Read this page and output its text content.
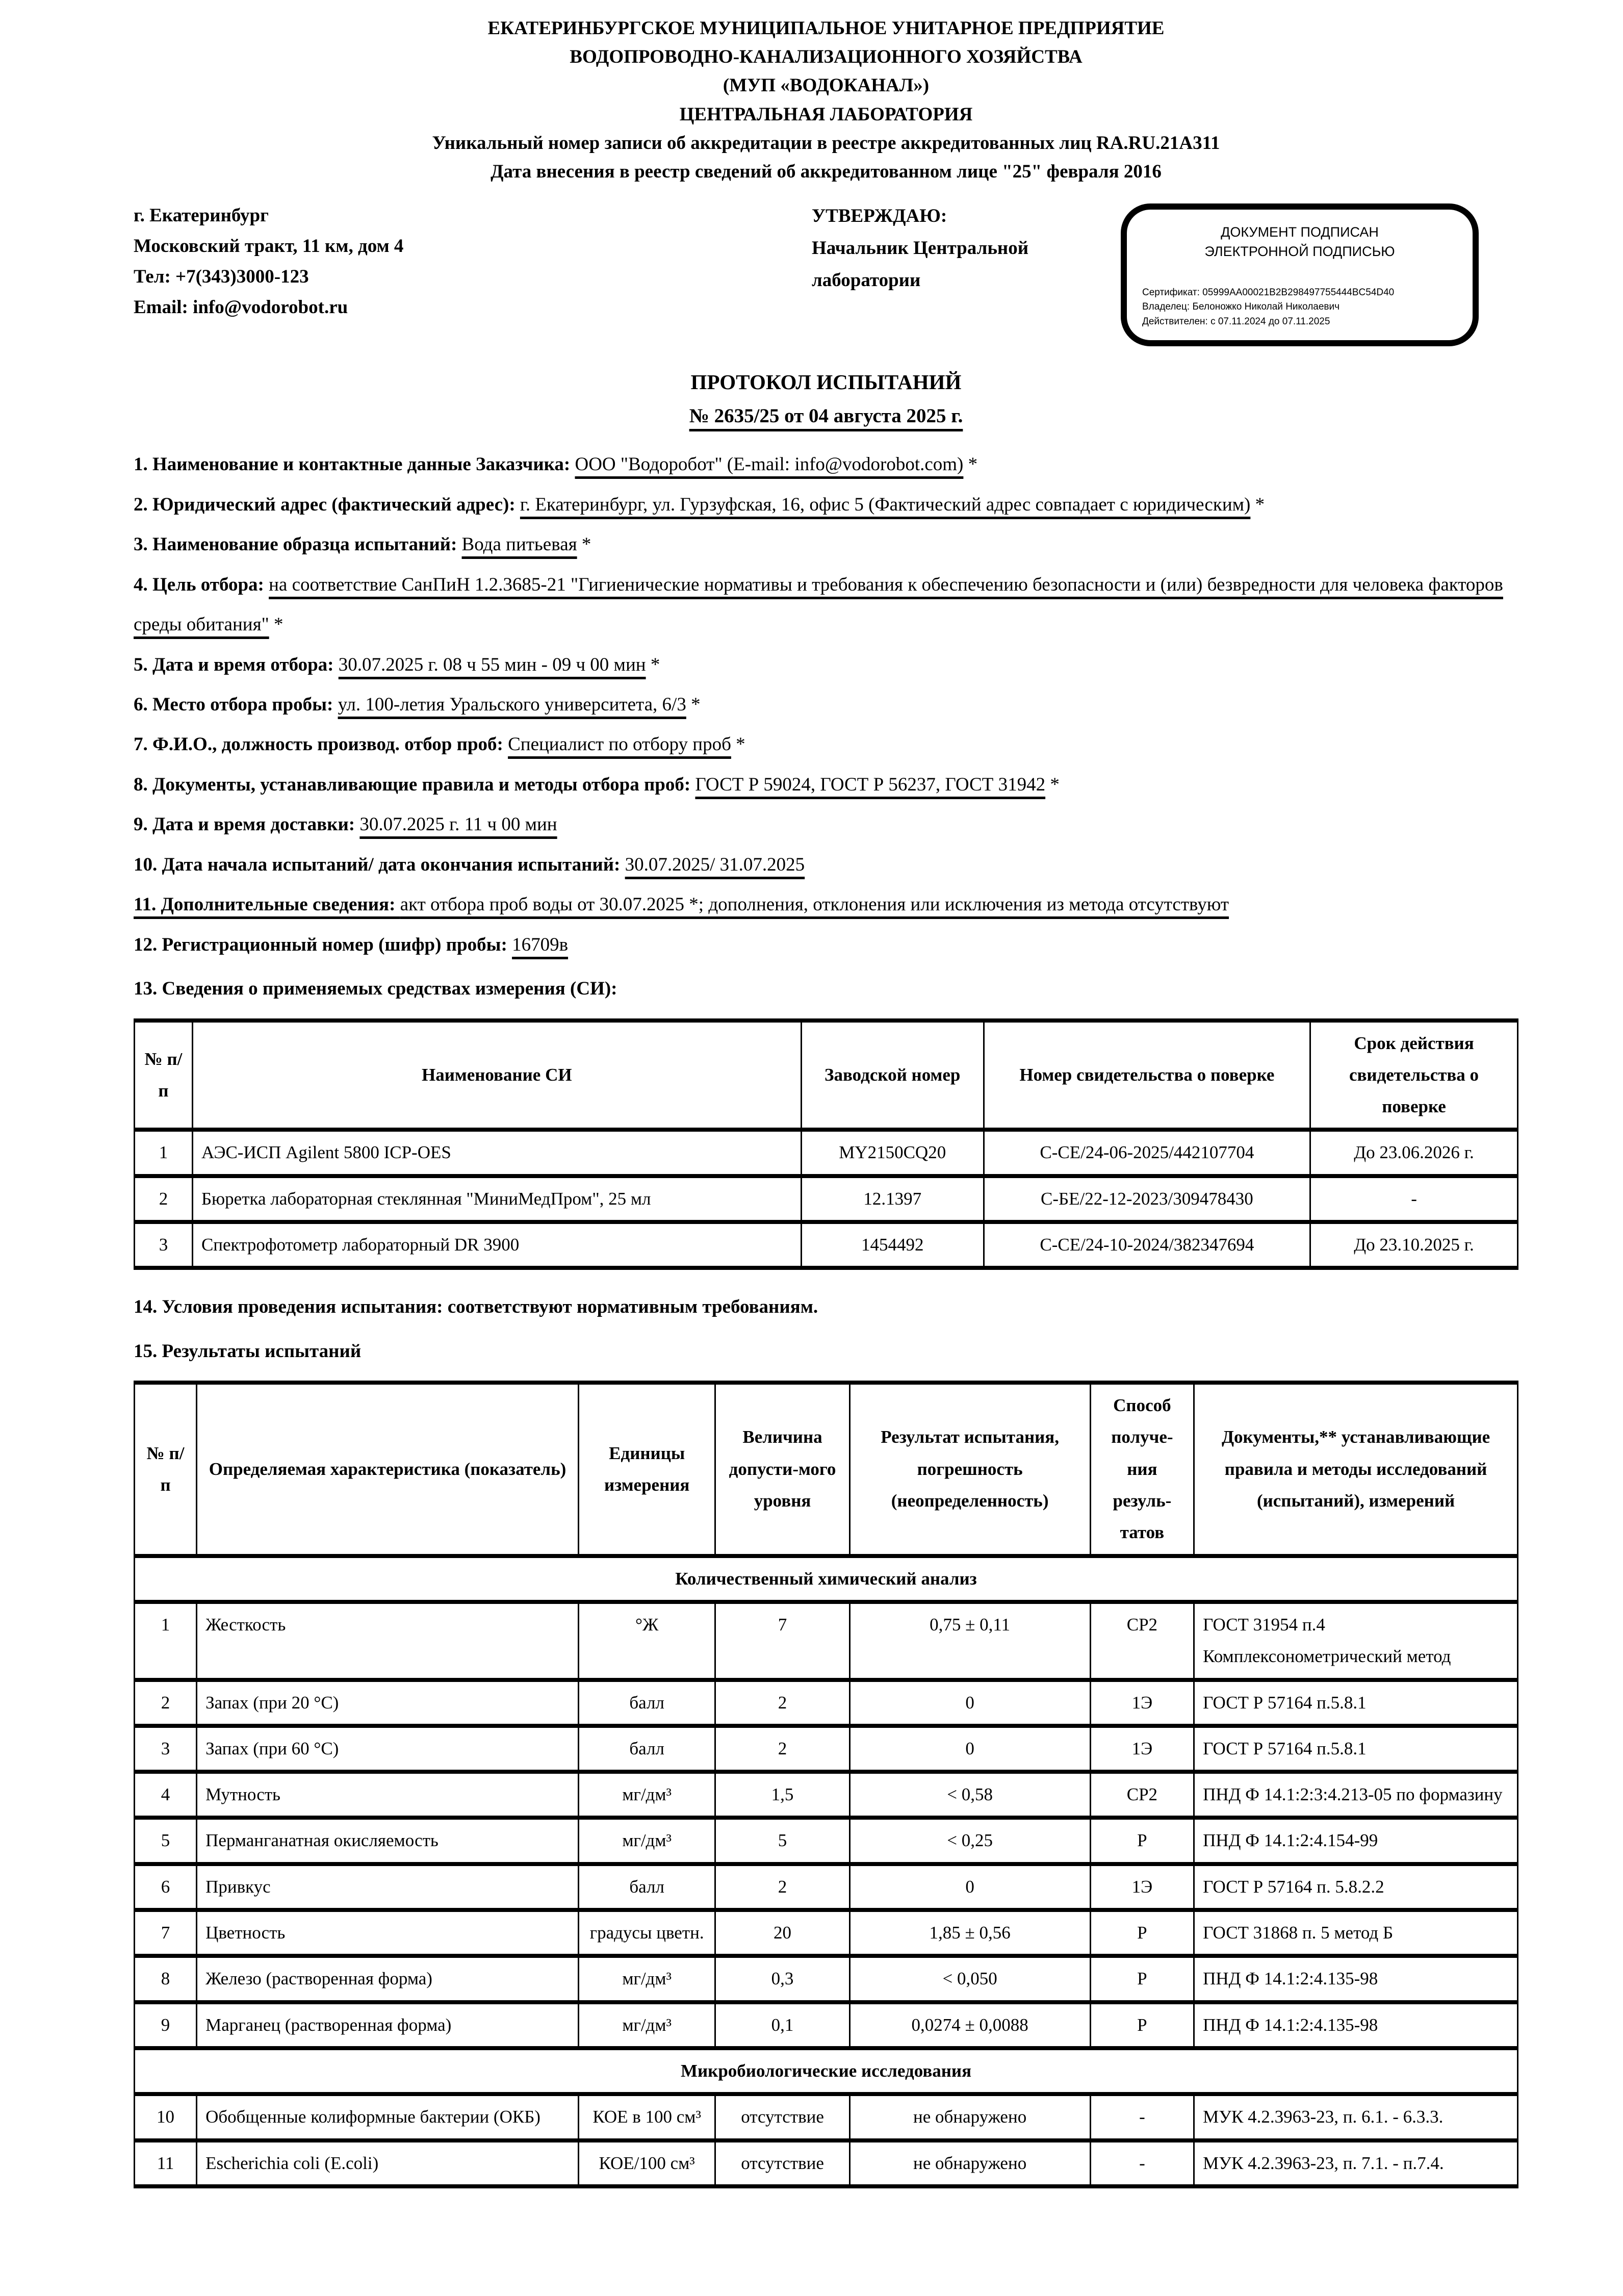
ЕКАТЕРИНБУРГСКОЕ МУНИЦИПАЛЬНОЕ УНИТАРНОЕ ПРЕДПРИЯТИЕ
ВОДОПРОВОДНО-КАНАЛИЗАЦИОННОГО ХОЗЯЙСТВА
(МУП «ВОДОКАНАЛ»)
ЦЕНТРАЛЬНАЯ ЛАБОРАТОРИЯ
Уникальный номер записи об аккредитации в реестре аккредитованных лиц RA.RU.21А311
Дата внесения в реестр сведений об аккредитованном лице "25" февраля 2016
г. Екатеринбург
Московский тракт, 11 км, дом 4
Тел: +7(343)3000-123
Email: info@vodorobot.ru
УТВЕРЖДАЮ:
Начальник Центральной
лаборатории
ДОКУМЕНТ ПОДПИСАН
ЭЛЕКТРОННОЙ ПОДПИСЬЮ
Сертификат: 05999AA00021B2B298497755444BC54D40
Владелец: Белоножко Николай Николаевич
Действителен: с 07.11.2024 до 07.11.2025
ПРОТОКОЛ ИСПЫТАНИЙ
№ 2635/25 от 04 августа 2025 г.
1. Наименование и контактные данные Заказчика: ООО "Водоробот" (E-mail: info@vodorobot.com) *
2. Юридический адрес (фактический адрес): г. Екатеринбург, ул. Гурзуфская, 16, офис 5 (Фактический адрес совпадает с юридическим) *
3. Наименование образца испытаний: Вода питьевая *
4. Цель отбора: на соответствие СанПиН 1.2.3685-21 "Гигиенические нормативы и требования к обеспечению безопасности и (или) безвредности для человека факторов среды обитания" *
5. Дата и время отбора: 30.07.2025 г. 08 ч 55 мин - 09 ч 00 мин *
6. Место отбора пробы: ул. 100-летия Уральского университета, 6/3 *
7. Ф.И.О., должность производ. отбор проб: Специалист по отбору проб *
8. Документы, устанавливающие правила и методы отбора проб: ГОСТ Р 59024, ГОСТ Р 56237, ГОСТ 31942 *
9. Дата и время доставки: 30.07.2025 г. 11 ч 00 мин
10. Дата начала испытаний/ дата окончания испытаний: 30.07.2025/ 31.07.2025
11. Дополнительные сведения: акт отбора проб воды от 30.07.2025 *; дополнения, отклонения или исключения из метода отсутствуют
12. Регистрационный номер (шифр) пробы: 16709в
13. Сведения о применяемых средствах измерения (СИ):
№ п/п	Наименование СИ	Заводской номер	Номер свидетельства о поверке	Срок действия свидетельства о поверке
1	АЭС-ИСП Agilent 5800 ICP-OES	MY2150CQ20	С-СЕ/24-06-2025/442107704	До 23.06.2026 г.
2	Бюретка лабораторная стеклянная "МиниМедПром", 25 мл	12.1397	С-БЕ/22-12-2023/309478430	-
3	Спектрофотометр лабораторный DR 3900	1454492	С-СЕ/24-10-2024/382347694	До 23.10.2025 г.
14. Условия проведения испытания: соответствуют нормативным требованиям.
15. Результаты испытаний
№ п/п	Определяемая характеристика (показатель)	Единицы измерения	Величина допусти-мого уровня	Результат испытания, погрешность (неопределенность)	Способ получе-ния резуль-татов	Документы,** устанавливающие правила и методы исследований (испытаний), измерений
Количественный химический анализ						
1	Жесткость	°Ж	7	0,75 ± 0,11	СР2	ГОСТ 31954 п.4 Комплексонометрический метод
2	Запах (при 20 °С)	балл	2	0	1Э	ГОСТ Р 57164 п.5.8.1
3	Запах (при 60 °С)	балл	2	0	1Э	ГОСТ Р 57164 п.5.8.1
4	Мутность	мг/дм³	1,5	< 0,58	СР2	ПНД Ф 14.1:2:3:4.213-05 по формазину
5	Перманганатная окисляемость	мг/дм³	5	< 0,25	Р	ПНД Ф 14.1:2:4.154-99
6	Привкус	балл	2	0	1Э	ГОСТ Р 57164 п. 5.8.2.2
7	Цветность	градусы цветн.	20	1,85 ± 0,56	Р	ГОСТ 31868 п. 5 метод Б
8	Железо (растворенная форма)	мг/дм³	0,3	< 0,050	Р	ПНД Ф 14.1:2:4.135-98
9	Марганец (растворенная форма)	мг/дм³	0,1	0,0274 ± 0,0088	Р	ПНД Ф 14.1:2:4.135-98
Микробиологические исследования						
10	Обобщенные колиформные бактерии (ОКБ)	КОЕ в 100 см³	отсутствие	не обнаружено	-	МУК 4.2.3963-23, п. 6.1. - 6.3.3.
11	Escherichia coli (E.coli)	КОЕ/100 см³	отсутствие	не обнаружено	-	МУК 4.2.3963-23, п. 7.1. - п.7.4.
